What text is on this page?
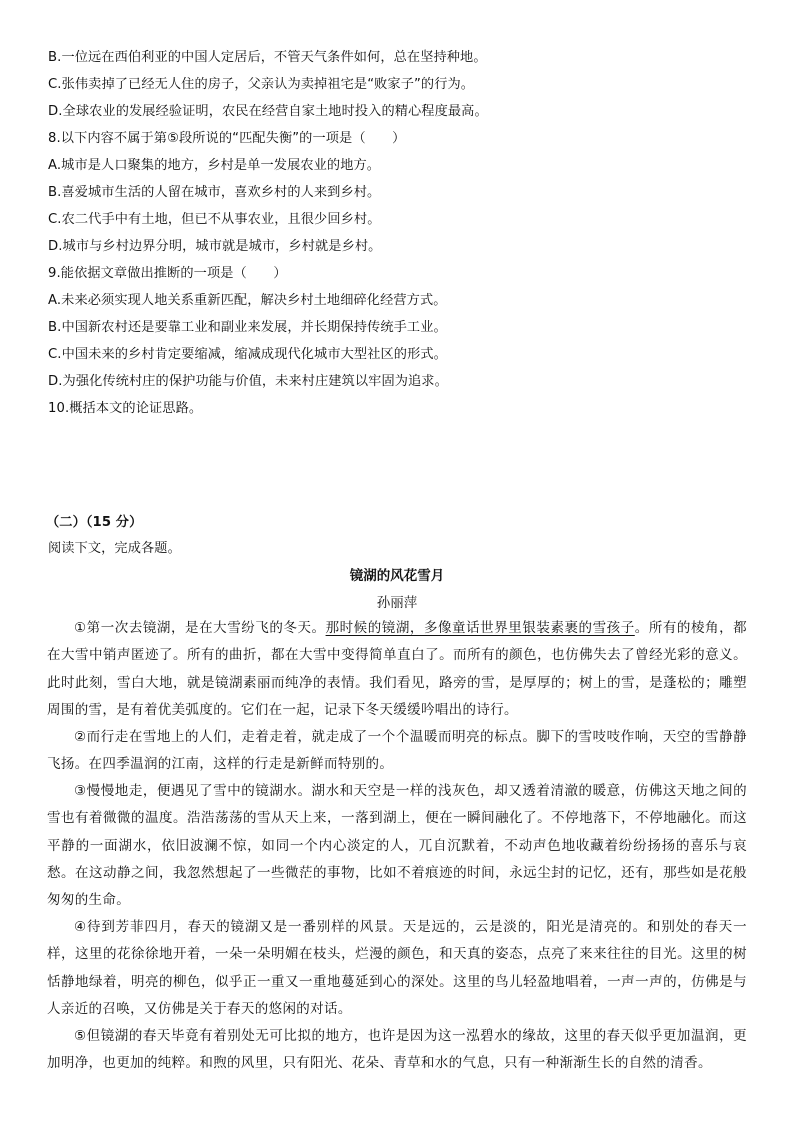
B.一位远在西伯利亚的中国人定居后，不管天气条件如何，总在坚持种地。
C.张伟卖掉了已经无人住的房子，父亲认为卖掉祖宅是“败家子”的行为。
D.全球农业的发展经验证明，农民在经营自家土地时投入的精心程度最高。
8.以下内容不属于第⑤段所说的“匹配失衡”的一项是（　　）
A.城市是人口聚集的地方，乡村是单一发展农业的地方。
B.喜爱城市生活的人留在城市，喜欢乡村的人来到乡村。
C.农二代手中有土地，但已不从事农业，且很少回乡村。
D.城市与乡村边界分明，城市就是城市，乡村就是乡村。
9.能依据文章做出推断的一项是（　　）
A.未来必须实现人地关系重新匹配，解决乡村土地细碎化经营方式。
B.中国新农村还是要靠工业和副业来发展，并长期保持传统手工业。
C.中国未来的乡村肯定要缩减，缩减成现代化城市大型社区的形式。
D.为强化传统村庄的保护功能与价值，未来村庄建筑以牢固为追求。
10.概括本文的论证思路。
（二）（15 分）
阅读下文，完成各题。
镜湖的风花雪月
孙丽萍
①第一次去镜湖，是在大雪纷飞的冬天。那时候的镜湖，多像童话世界里银装素裹的雪孩子。所有的棱角，都在大雪中销声匿迹了。所有的曲折，都在大雪中变得简单直白了。而所有的颜色，也仿佛失去了曾经光彩的意义。此时此刻，雪白大地，就是镜湖素丽而纯净的表情。我们看见，路旁的雪，是厚厚的；树上的雪，是蓬松的；雕塑周围的雪，是有着优美弧度的。它们在一起，记录下冬天缓缓吟唱出的诗行。
②而行走在雪地上的人们，走着走着，就走成了一个个温暖而明亮的标点。脚下的雪吱吱作响，天空的雪静静飞扬。在四季温润的江南，这样的行走是新鲜而特别的。
③慢慢地走，便遇见了雪中的镜湖水。湖水和天空是一样的浅灰色，却又透着清澈的暖意，仿佛这天地之间的雪也有着微微的温度。浩浩荡荡的雪从天上来，一落到湖上，便在一瞬间融化了。不停地落下，不停地融化。而这平静的一面湖水，依旧波澜不惊，如同一个内心淡定的人，兀自沉默着，不动声色地收藏着纷纷扬扬的喜乐与哀愁。在这动静之间，我忽然想起了一些微茫的事物，比如不着痕迹的时间，永远尘封的记忆，还有，那些如是花般匆匆的生命。
④待到芳菲四月，春天的镜湖又是一番别样的风景。天是远的，云是淡的，阳光是清亮的。和别处的春天一样，这里的花徐徐地开着，一朵一朵明媚在枝头，烂漫的颜色，和天真的姿态，点亮了来来往往的目光。这里的树恬静地绿着，明亮的柳色，似乎正一重又一重地蔓延到心的深处。这里的鸟儿轻盈地唱着，一声一声的，仿佛是与人亲近的召唤，又仿佛是关于春天的悠闲的对话。
⑤但镜湖的春天毕竟有着别处无可比拟的地方，也许是因为这一泓碧水的缘故，这里的春天似乎更加温润，更加明净，也更加的纯粹。和煦的风里，只有阳光、花朵、青草和水的气息，只有一种渐渐生长的自然的清香。
